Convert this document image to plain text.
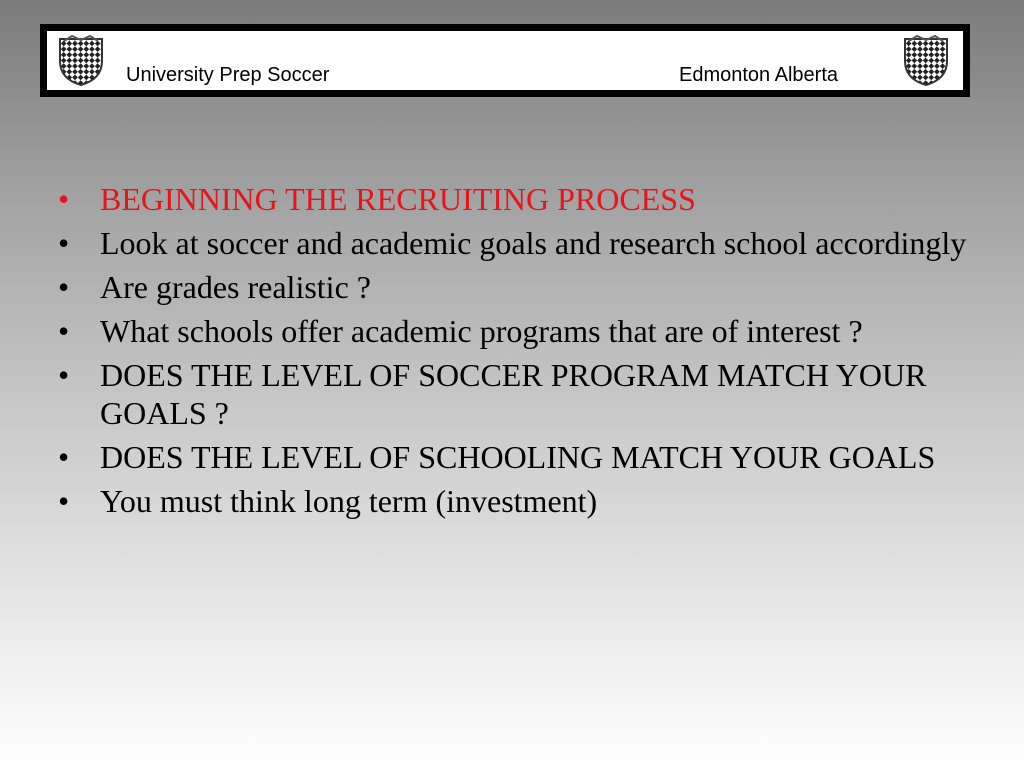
University Prep Soccer	Edmonton Alberta
• BEGINNING THE RECRUITING PROCESS
• Look at soccer and academic goals and research school accordingly
• Are grades realistic ?
• What schools offer academic programs that are of interest ?
• DOES THE LEVEL OF SOCCER PROGRAM MATCH YOUR GOALS ?
• DOES THE LEVEL OF SCHOOLING MATCH YOUR GOALS
• You must think long term (investment)
